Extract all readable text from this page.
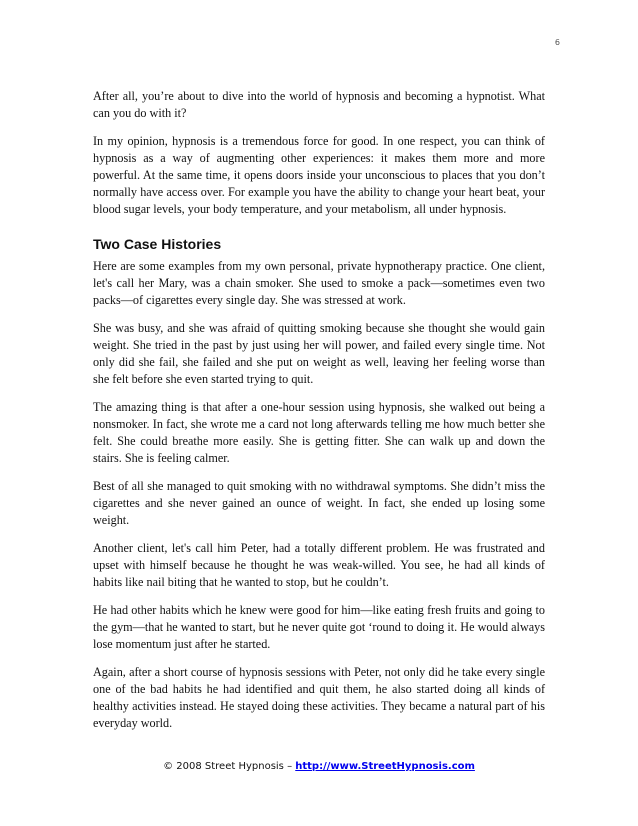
6

After all, you’re about to dive into the world of hypnosis and becoming a hypnotist. What can you do with it?

In my opinion, hypnosis is a tremendous force for good. In one respect, you can think of hypnosis as a way of augmenting other experiences: it makes them more and more powerful. At the same time, it opens doors inside your unconscious to places that you don’t normally have access over. For example you have the ability to change your heart beat, your blood sugar levels, your body temperature, and your metabolism, all under hypnosis.

Two Case Histories

Here are some examples from my own personal, private hypnotherapy practice. One client, let's call her Mary, was a chain smoker. She used to smoke a pack—sometimes even two packs—of cigarettes every single day. She was stressed at work.

She was busy, and she was afraid of quitting smoking because she thought she would gain weight. She tried in the past by just using her will power, and failed every single time. Not only did she fail, she failed and she put on weight as well, leaving her feeling worse than she felt before she even started trying to quit.

The amazing thing is that after a one-hour session using hypnosis, she walked out being a nonsmoker. In fact, she wrote me a card not long afterwards telling me how much better she felt. She could breathe more easily. She is getting fitter. She can walk up and down the stairs. She is feeling calmer.

Best of all she managed to quit smoking with no withdrawal symptoms. She didn’t miss the cigarettes and she never gained an ounce of weight. In fact, she ended up losing some weight.

Another client, let's call him Peter, had a totally different problem. He was frustrated and upset with himself because he thought he was weak-willed. You see, he had all kinds of habits like nail biting that he wanted to stop, but he couldn’t.

He had other habits which he knew were good for him—like eating fresh fruits and going to the gym—that he wanted to start, but he never quite got ‘round to doing it. He would always lose momentum just after he started.

Again, after a short course of hypnosis sessions with Peter, not only did he take every single one of the bad habits he had identified and quit them, he also started doing all kinds of healthy activities instead. He stayed doing these activities. They became a natural part of his everyday world.

© 2008 Street Hypnosis – http://www.StreetHypnosis.com
